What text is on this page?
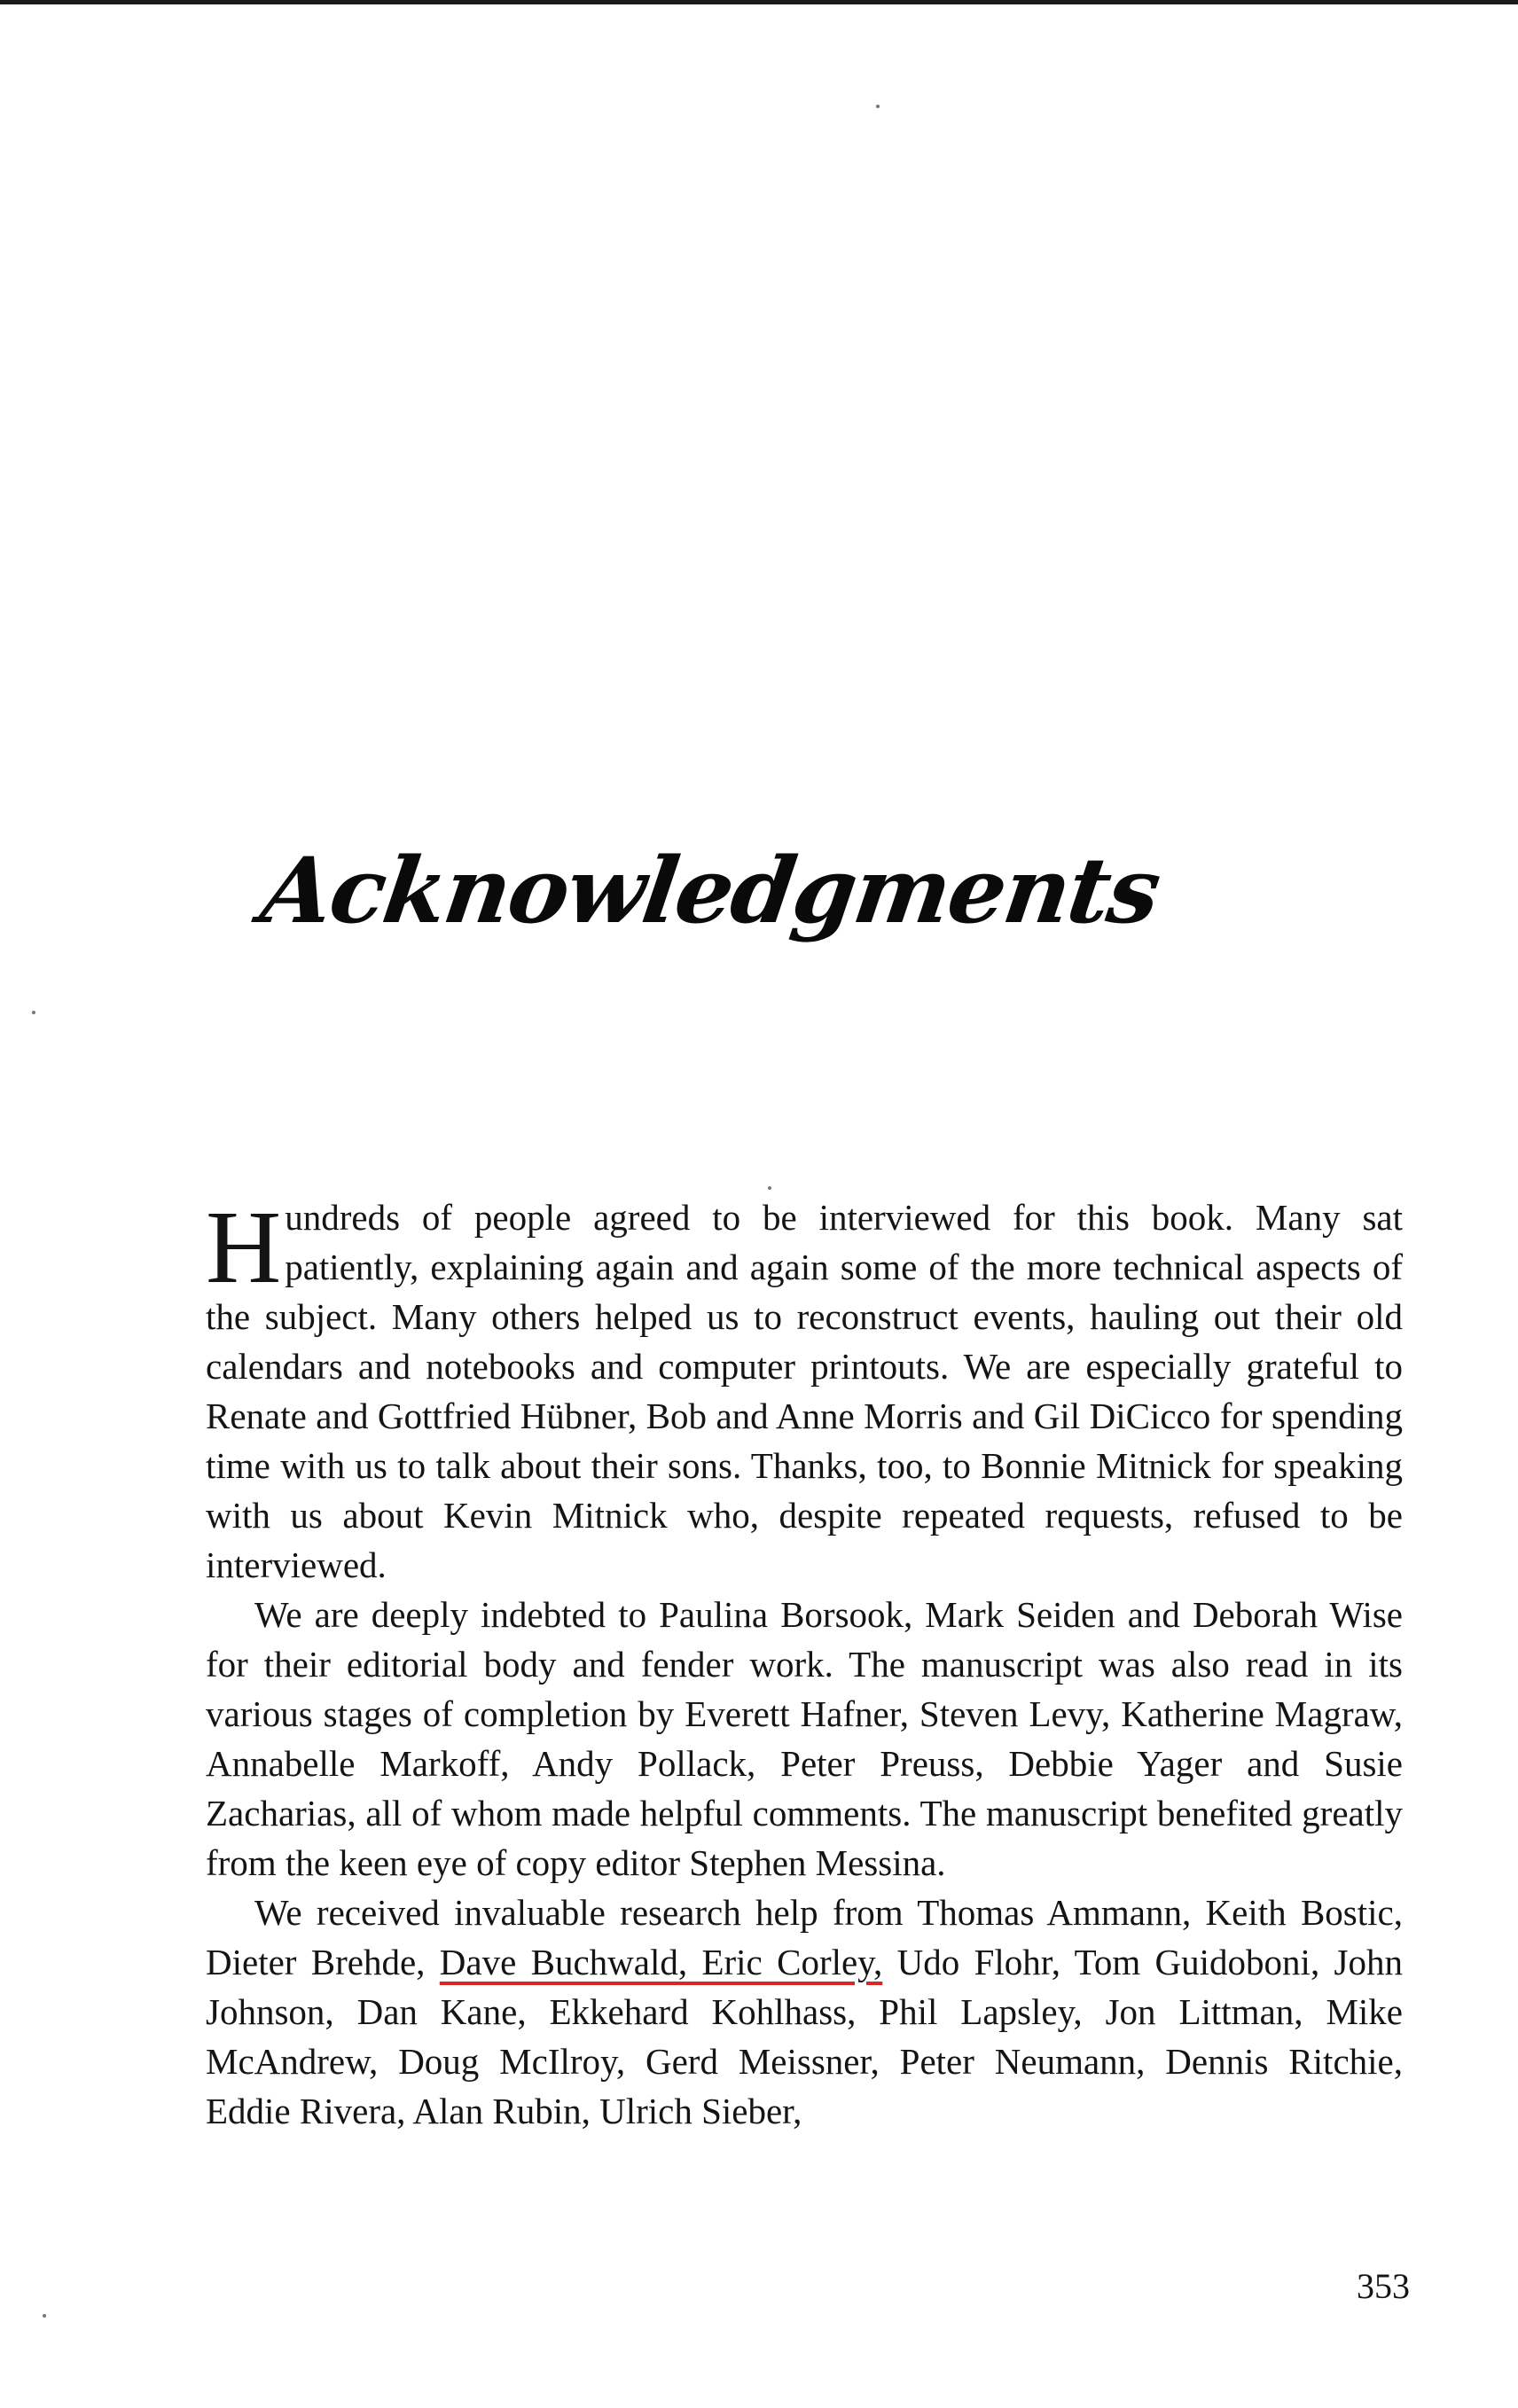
Acknowledgments

Hundreds of people agreed to be interviewed for this book. Many sat patiently, explaining again and again some of the more technical aspects of the subject. Many others helped us to reconstruct events, hauling out their old calendars and notebooks and computer printouts. We are especially grateful to Renate and Gottfried Hübner, Bob and Anne Morris and Gil DiCicco for spending time with us to talk about their sons. Thanks, too, to Bonnie Mitnick for speaking with us about Kevin Mitnick who, despite repeated requests, refused to be interviewed.

We are deeply indebted to Paulina Borsook, Mark Seiden and Deborah Wise for their editorial body and fender work. The manuscript was also read in its various stages of completion by Everett Hafner, Steven Levy, Katherine Magraw, Annabelle Markoff, Andy Pollack, Peter Preuss, Debbie Yager and Susie Zacharias, all of whom made helpful comments. The manuscript benefited greatly from the keen eye of copy editor Stephen Messina.

We received invaluable research help from Thomas Ammann, Keith Bostic, Dieter Brehde, Dave Buchwald, Eric Corley, Udo Flohr, Tom Guidoboni, John Johnson, Dan Kane, Ekkehard Kohlhass, Phil Lapsley, Jon Littman, Mike McAndrew, Doug McIlroy, Gerd Meissner, Peter Neumann, Dennis Ritchie, Eddie Rivera, Alan Rubin, Ulrich Sieber,

353
